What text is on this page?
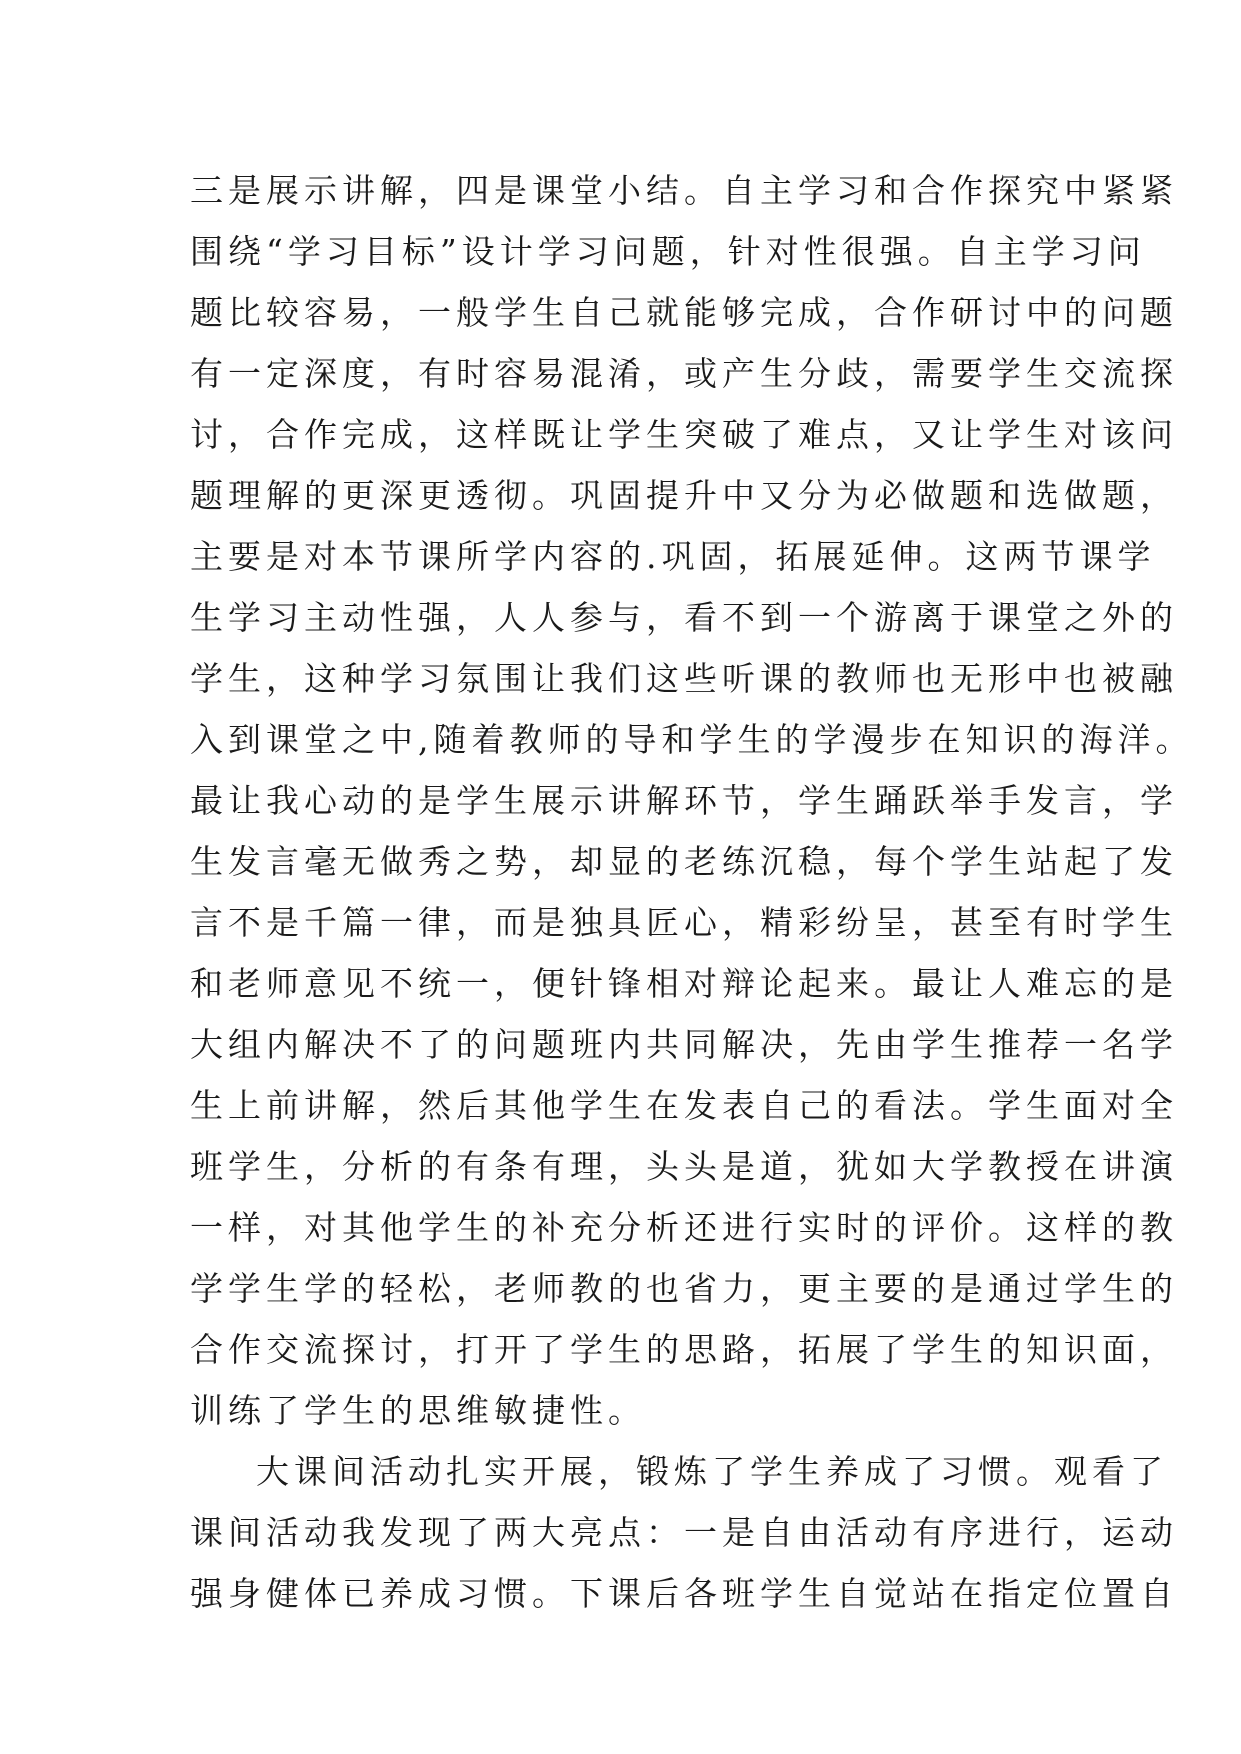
三是展示讲解，四是课堂小结。自主学习和合作探究中紧紧
围绕“学习目标”设计学习问题，针对性很强。自主学习问
题比较容易，一般学生自己就能够完成，合作研讨中的问题
有一定深度，有时容易混淆，或产生分歧，需要学生交流探
讨，合作完成，这样既让学生突破了难点，又让学生对该问
题理解的更深更透彻。巩固提升中又分为必做题和选做题，
主要是对本节课所学内容的.巩固，拓展延伸。这两节课学
生学习主动性强，人人参与，看不到一个游离于课堂之外的
学生，这种学习氛围让我们这些听课的教师也无形中也被融
入到课堂之中,随着教师的导和学生的学漫步在知识的海洋。
最让我心动的是学生展示讲解环节，学生踊跃举手发言，学
生发言毫无做秀之势，却显的老练沉稳，每个学生站起了发
言不是千篇一律，而是独具匠心，精彩纷呈，甚至有时学生
和老师意见不统一，便针锋相对辩论起来。最让人难忘的是
大组内解决不了的问题班内共同解决，先由学生推荐一名学
生上前讲解，然后其他学生在发表自己的看法。学生面对全
班学生，分析的有条有理，头头是道，犹如大学教授在讲演
一样，对其他学生的补充分析还进行实时的评价。这样的教
学学生学的轻松，老师教的也省力，更主要的是通过学生的
合作交流探讨，打开了学生的思路，拓展了学生的知识面，
训练了学生的思维敏捷性。
大课间活动扎实开展，锻炼了学生养成了习惯。观看了
课间活动我发现了两大亮点：一是自由活动有序进行，运动
强身健体已养成习惯。下课后各班学生自觉站在指定位置自
